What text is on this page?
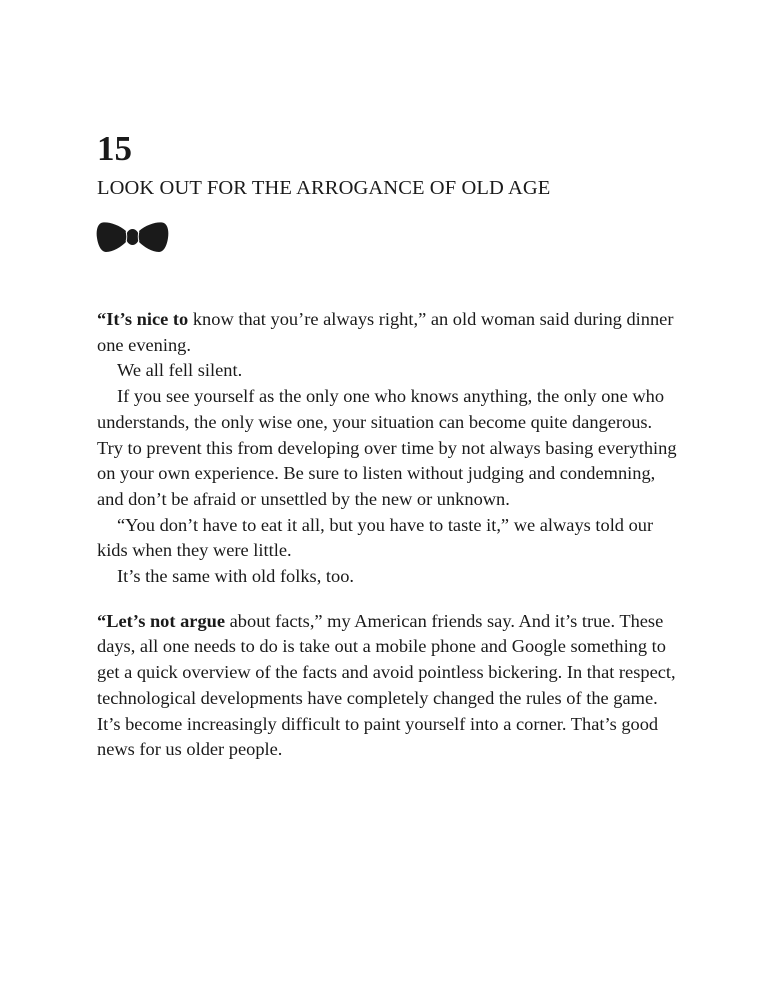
15
LOOK OUT FOR THE ARROGANCE OF OLD AGE

“It’s nice to know that you’re always right,” an old woman said during dinner one evening.

We all fell silent.

If you see yourself as the only one who knows anything, the only one who understands, the only wise one, your situation can become quite dangerous. Try to prevent this from developing over time by not always basing everything on your own experience. Be sure to listen without judging and condemning, and don’t be afraid or unsettled by the new or unknown.

“You don’t have to eat it all, but you have to taste it,” we always told our kids when they were little.

It’s the same with old folks, too.

“Let’s not argue about facts,” my American friends say. And it’s true. These days, all one needs to do is take out a mobile phone and Google something to get a quick overview of the facts and avoid pointless bickering. In that respect, technological developments have completely changed the rules of the game. It’s become increasingly difficult to paint yourself into a corner. That’s good news for us older people.
